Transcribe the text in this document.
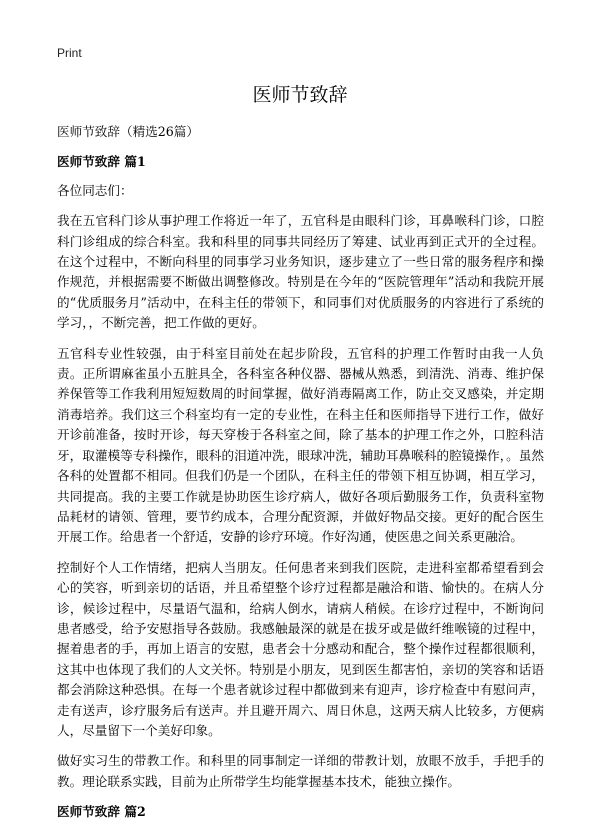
Print
医师节致辞

医师节致辞（精选26篇）

医师节致辞 篇1

各位同志们：

我在五官科门诊从事护理工作将近一年了，五官科是由眼科门诊，耳鼻喉科门诊，口腔科门诊组成的综合科室。我和科里的同事共同经历了筹建、试业再到正式开的全过程。在这个过程中，不断向科里的同事学习业务知识，逐步建立了一些日常的服务程序和操作规范，并根据需要不断做出调整修改。特别是在今年的“医院管理年”活动和我院开展的“优质服务月”活动中，在科主任的带领下，和同事们对优质服务的内容进行了系统的学习，，不断完善，把工作做的更好。

五官科专业性较强，由于科室目前处在起步阶段，五官科的护理工作暂时由我一人负责。正所谓麻雀虽小五脏具全，各科室各种仪器、器械从熟悉，到清洗、消毒、维护保养保管等工作我利用短短数周的时间掌握，做好消毒隔离工作，防止交叉感染，并定期消毒培养。我们这三个科室均有一定的专业性，在科主任和医师指导下进行工作，做好开诊前准备，按时开诊，每天穿梭于各科室之间，除了基本的护理工作之外，口腔科洁牙，取灌模等专科操作，眼科的泪道冲洗，眼球冲洗，辅助耳鼻喉科的腔镜操作，。虽然各科的处置都不相同。但我们仍是一个团队，在科主任的带领下相互协调，相互学习，共同提高。我的主要工作就是协助医生诊疗病人，做好各项后勤服务工作，负责科室物品耗材的请领、管理，要节约成本，合理分配资源，并做好物品交接。更好的配合医生开展工作。给患者一个舒适，安静的诊疗环境。作好沟通，使医患之间关系更融洽。

控制好个人工作情绪，把病人当朋友。任何患者来到我们医院，走进科室都希望看到会心的笑容，听到亲切的话语，并且希望整个诊疗过程都是融洽和谐、愉快的。在病人分诊，候诊过程中，尽量语气温和，给病人倒水，请病人稍候。在诊疗过程中，不断询问患者感受，给予安慰指导各鼓励。我感触最深的就是在拔牙或是做纤维喉镜的过程中，握着患者的手，再加上语言的安慰，患者会十分感动和配合，整个操作过程都很顺利，这其中也体现了我们的人文关怀。特别是小朋友，见到医生都害怕，亲切的笑容和话语都会消除这种恐惧。在每一个患者就诊过程中都做到来有迎声，诊疗检查中有慰问声，走有送声，诊疗服务后有送声。并且避开周六、周日休息，这两天病人比较多，方便病人，尽量留下一个美好印象。

做好实习生的带教工作。和科里的同事制定一详细的带教计划，放眼不放手，手把手的教。理论联系实践，目前为止所带学生均能掌握基本技术，能独立操作。

医师节致辞 篇2
